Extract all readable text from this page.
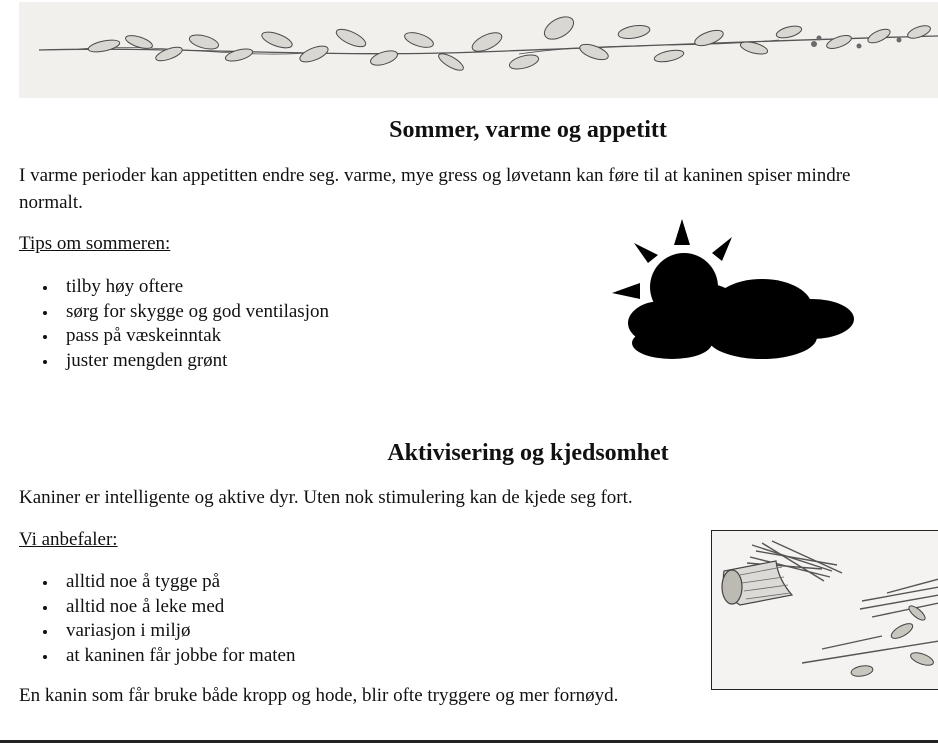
Sommer, varme og appetitt

I varme perioder kan appetitten endre seg. varme, mye gress og løvetann kan føre til at kaninen spiser mindre

normalt.

Tips om sommeren:

tilby høy oftere
sørg for skygge og god ventilasjon
pass på væskeinntak
juster mengden grønt
Aktivisering og kjedsomhet

Kaniner er intelligente og aktive dyr. Uten nok stimulering kan de kjede seg fort.

Vi anbefaler:

alltid noe å tygge på
alltid noe å leke med
variasjon i miljø
at kaninen får jobbe for maten

En kanin som får bruke både kropp og hode, blir ofte tryggere og mer fornøyd.
